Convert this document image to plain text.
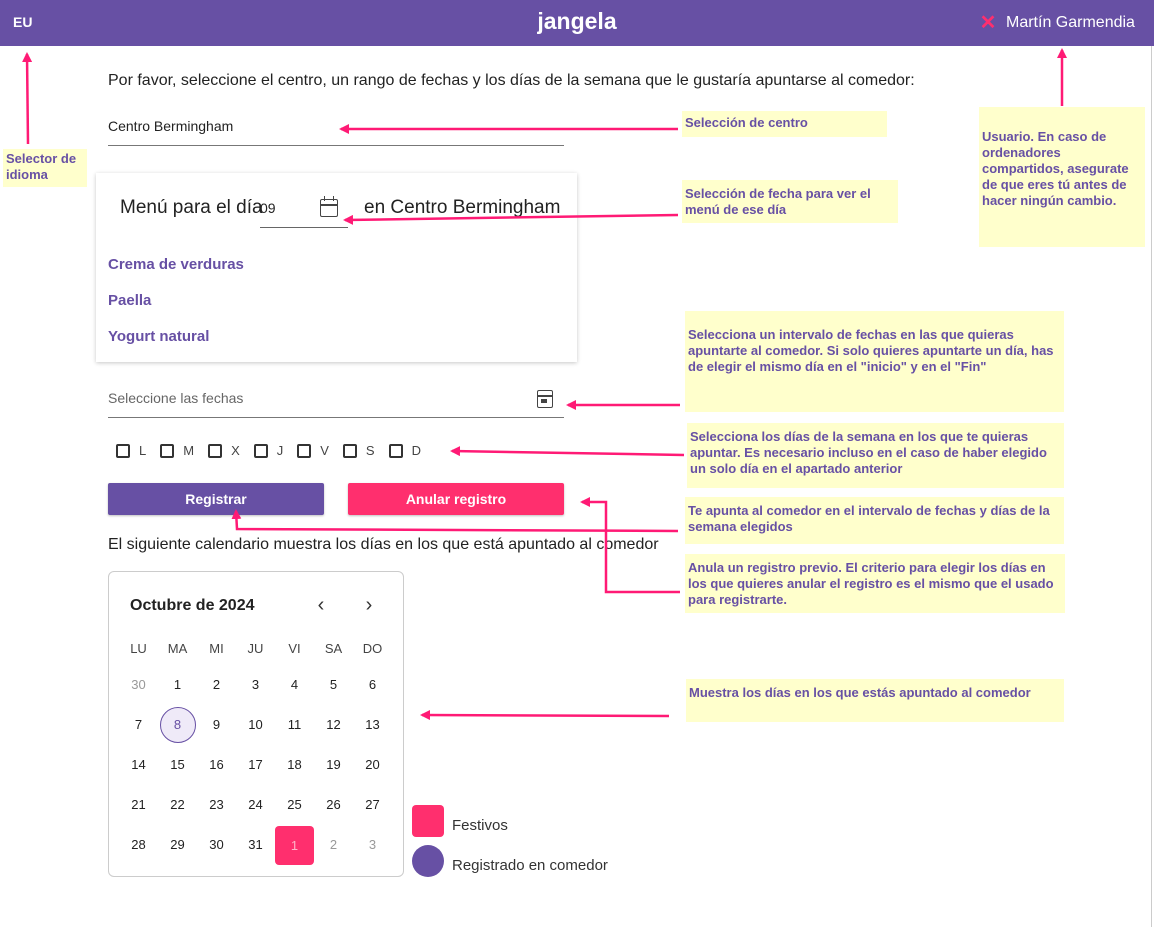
EU	jangela	✕ Martín Garmendia
Por favor, seleccione el centro, un rango de fechas y los días de la semana que le gustaría apuntarse al comedor:
Centro Bermingham
Menú para el día
09	en Centro Bermingham
Crema de verduras
Paella
Yogurt natural
Seleccione las fechas
L	M	X	J	V	S	D
Registrar	Anular registro
El siguiente calendario muestra los días en los que está apuntado al comedor
Octubre de 2024	‹	›
LU	MA	MI	JU	VI	SA	DO
30	1	2	3	4	5	6
7	8	9	10	11	12	13
14	15	16	17	18	19	20
21	22	23	24	25	26	27
28	29	30	31	1	2	3
Festivos
Registrado en comedor
Selector de idioma
Selección de centro
Usuario. En caso de ordenadores compartidos, asegurate de que eres tú antes de hacer ningún cambio.
Selección de fecha para ver el menú de ese día
Selecciona un intervalo de fechas en las que quieras apuntarte al comedor. Si solo quieres apuntarte un día, has de elegir el mismo día en el "inicio" y en el "Fin"
Selecciona los días de la semana en los que te quieras apuntar. Es necesario incluso en el caso de haber elegido un solo día en el apartado anterior
Te apunta al comedor en el intervalo de fechas y días de la semana elegidos
Anula un registro previo. El criterio para elegir los días en los que quieres anular el registro es el mismo que el usado para registrarte.
Muestra los días en los que estás apuntado al comedor
